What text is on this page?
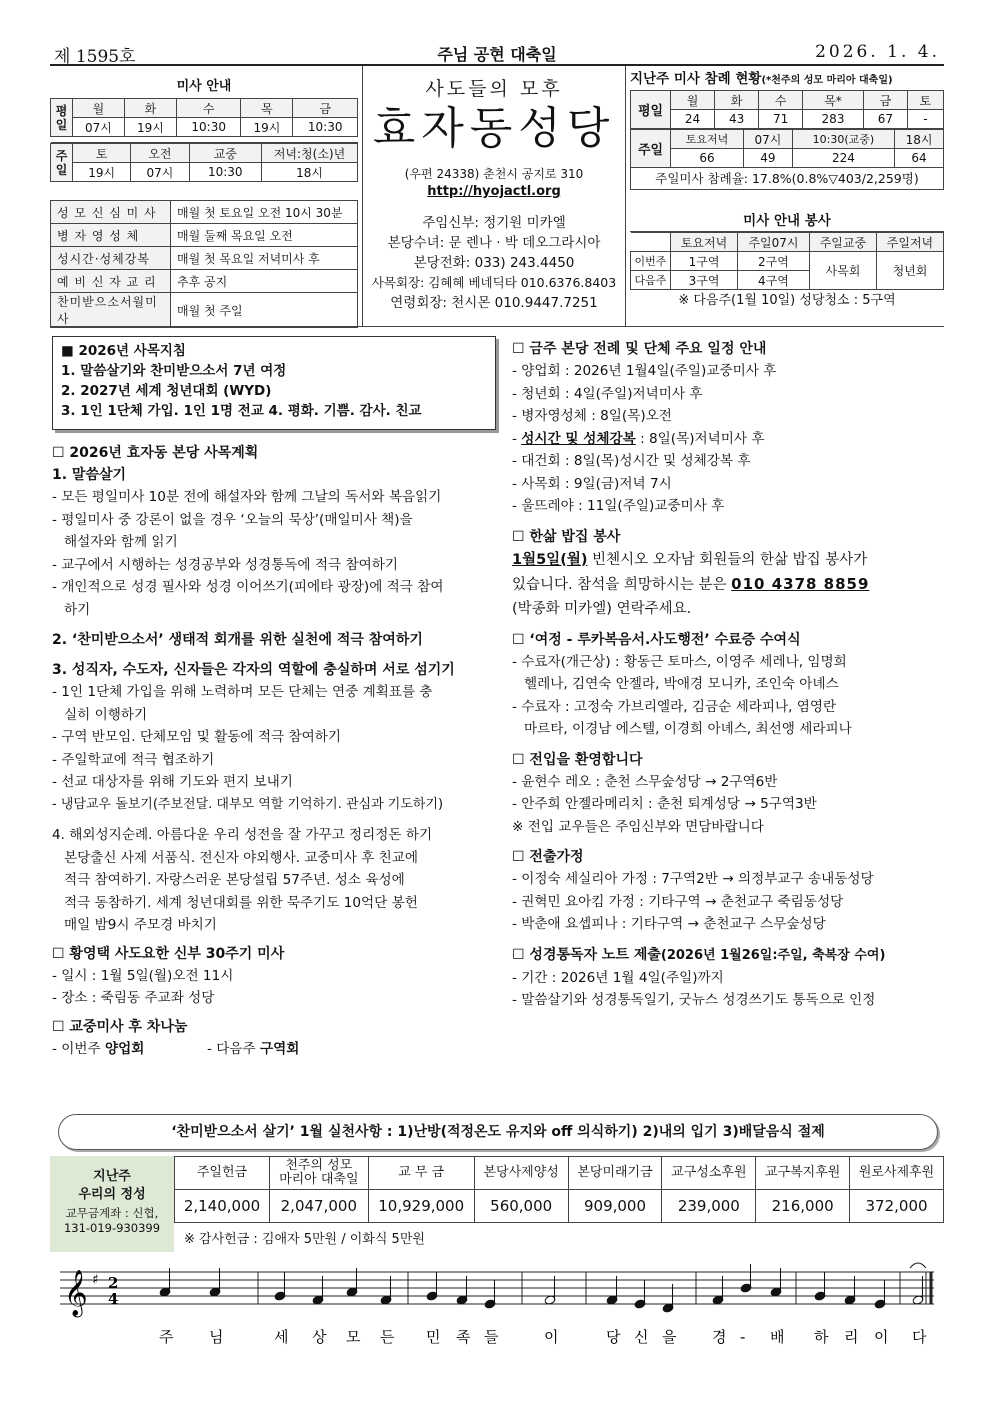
제 1595호	주님 공현 대축일	2026. 1. 4.
미사 안내
평일	월	화	수	목	금
	07시	19시	10:30	19시	10:30

주일	토	오전	교중	저녁:청(소)년
	19시	07시	10:30	18시
성 모 신 심 미 사	매월 첫 토요일 오전 10시 30분
병 자 영 성 체	매월 둘째 목요일 오전
성시간·성체강복	매월 첫 목요일 저녁미사 후
예 비 신 자 교 리	추후 공지
찬미받으소서월미사	매월 첫 주일
사도들의 모후
효자동성당
(우편 24338) 춘천시 공지로 310
http://hyojactl.org
주임신부: 정기원 미카엘
본당수녀: 문 렌나 · 박 데오그라시아
본당전화: 033) 243.4450
사목회장: 김혜혜 베네딕타 010.6376.8403
연령회장: 천시몬 010.9447.7251
지난주 미사 참례 현황(*천주의 성모 마리아 대축일)
평일	월	화	수	목*	금	토
	24	43	71	283	67	-
주일	토요저녁	07시	10:30(교중)	18시
	66	49	224	64
주일미사 참례율: 17.8%(0.8%▽403/2,259명)
미사 안내 봉사
	토요저녁	주일07시	주일교중	주일저녁
이번주	1구역	2구역	사목회	청년회
다음주	3구역	4구역		
※ 다음주(1월 10일) 성당청소 : 5구역
■ 2026년 사목지침
1. 말씀살기와 찬미받으소서 7년 여정
2. 2027년 세계 청년대회 (WYD)
3. 1인 1단체 가입. 1인 1명 전교 4. 평화. 기쁨. 감사. 친교
☐ 2026년 효자동 본당 사목계획
1. 말씀살기
- 모든 평일미사 10분 전에 해설자와 함께 그날의 독서와 복음읽기
- 평일미사 중 강론이 없을 경우 ‘오늘의 묵상’(매일미사 책)을
해설자와 함께 읽기
- 교구에서 시행하는 성경공부와 성경통독에 적극 참여하기
- 개인적으로 성경 필사와 성경 이어쓰기(피에타 광장)에 적극 참여
하기
2. ‘찬미받으소서’ 생태적 회개를 위한 실천에 적극 참여하기
3. 성직자, 수도자, 신자들은 각자의 역할에 충실하며 서로 섬기기
- 1인 1단체 가입을 위해 노력하며 모든 단체는 연중 계획표를 충
실히 이행하기
- 구역 반모임. 단체모임 및 활동에 적극 참여하기
- 주일학교에 적극 협조하기
- 선교 대상자를 위해 기도와 편지 보내기
- 냉담교우 돌보기(주보전달. 대부모 역할 기억하기. 관심과 기도하기)
4. 해외성지순례. 아름다운 우리 성전을 잘 가꾸고 정리정돈 하기
본당출신 사제 서품식. 전신자 야외행사. 교중미사 후 친교에
적극 참여하기. 자랑스러운 본당설립 57주년. 성소 육성에
적극 동참하기. 세계 청년대회를 위한 묵주기도 10억단 봉헌
매일 밤9시 주모경 바치기
☐ 황영택 사도요한 신부 30주기 미사
- 일시 : 1월 5일(월)오전 11시
- 장소 : 죽림동 주교좌 성당
☐ 교중미사 후 차나눔
- 이번주 양업회	- 다음주 구역회
☐ 금주 본당 전례 및 단체 주요 일정 안내
- 양업회 : 2026년 1월4일(주일)교중미사 후
- 청년회 : 4일(주일)저녁미사 후
- 병자영성체 : 8일(목)오전
- 성시간 및 성체강복 : 8일(목)저녁미사 후
- 대건회 : 8일(목)성시간 및 성체강복 후
- 사목회 : 9일(금)저녁 7시
- 울뜨레야 : 11일(주일)교중미사 후
☐ 한삶 밥집 봉사
1월5일(월) 빈첸시오 오자남 회원들의 한삶 밥집 봉사가
있습니다. 참석을 희망하시는 분은 010 4378 8859
(박종화 미카엘) 연락주세요.
☐ ‘여정 - 루카복음서.사도행전’ 수료증 수여식
- 수료자(개근상) : 황동근 토마스, 이영주 세레나, 임명희
헬레나, 김연숙 안젤라, 박애경 모니카, 조인숙 아녜스
- 수료자 : 고정숙 가브리엘라, 김금순 세라피나, 염영란
마르타, 이경남 에스텔, 이경희 아녜스, 최선앵 세라피나
☐ 전입을 환영합니다
- 윤현수 레오 : 춘천 스무숲성당 → 2구역6반
- 안주희 안젤라메리치 : 춘천 퇴계성당 → 5구역3반
※ 전입 교우들은 주임신부와 면담바랍니다
☐ 전출가정
- 이정숙 세실리아 가정 : 7구역2반 → 의정부교구 송내동성당
- 권혁민 요아킴 가정 : 기타구역 → 춘천교구 죽림동성당
- 박춘애 요셉피나 : 기타구역 → 춘천교구 스무숲성당
☐ 성경통독자 노트 제출(2026년 1월26일:주일, 축복장 수여)
- 기간 : 2026년 1월 4일(주일)까지
- 말씀살기와 성경통독일기, 굿뉴스 성경쓰기도 통독으로 인정
‘찬미받으소서 살기’ 1월 실천사항 : 1)난방(적정온도 유지와 off 의식하기) 2)내의 입기 3)배달음식 절제
지난주
우리의 정성
교무금계좌 : 신협,
131-019-930399
주일헌금	천주의 성모
마리아 대축일	교 무 금	본당사제양성	본당미래기금	교구성소후원	교구복지후원	원로사제후원
2,140,000	2,047,000	10,929,000	560,000	909,000	239,000	216,000	372,000
※ 감사헌금 : 김애자 5만원 / 이화식 5만원
𝄞 ♯ 2
4
주 님	세 상 모 든 민 족 들	이	당 신 을 경 - 배 하 리 이 다
